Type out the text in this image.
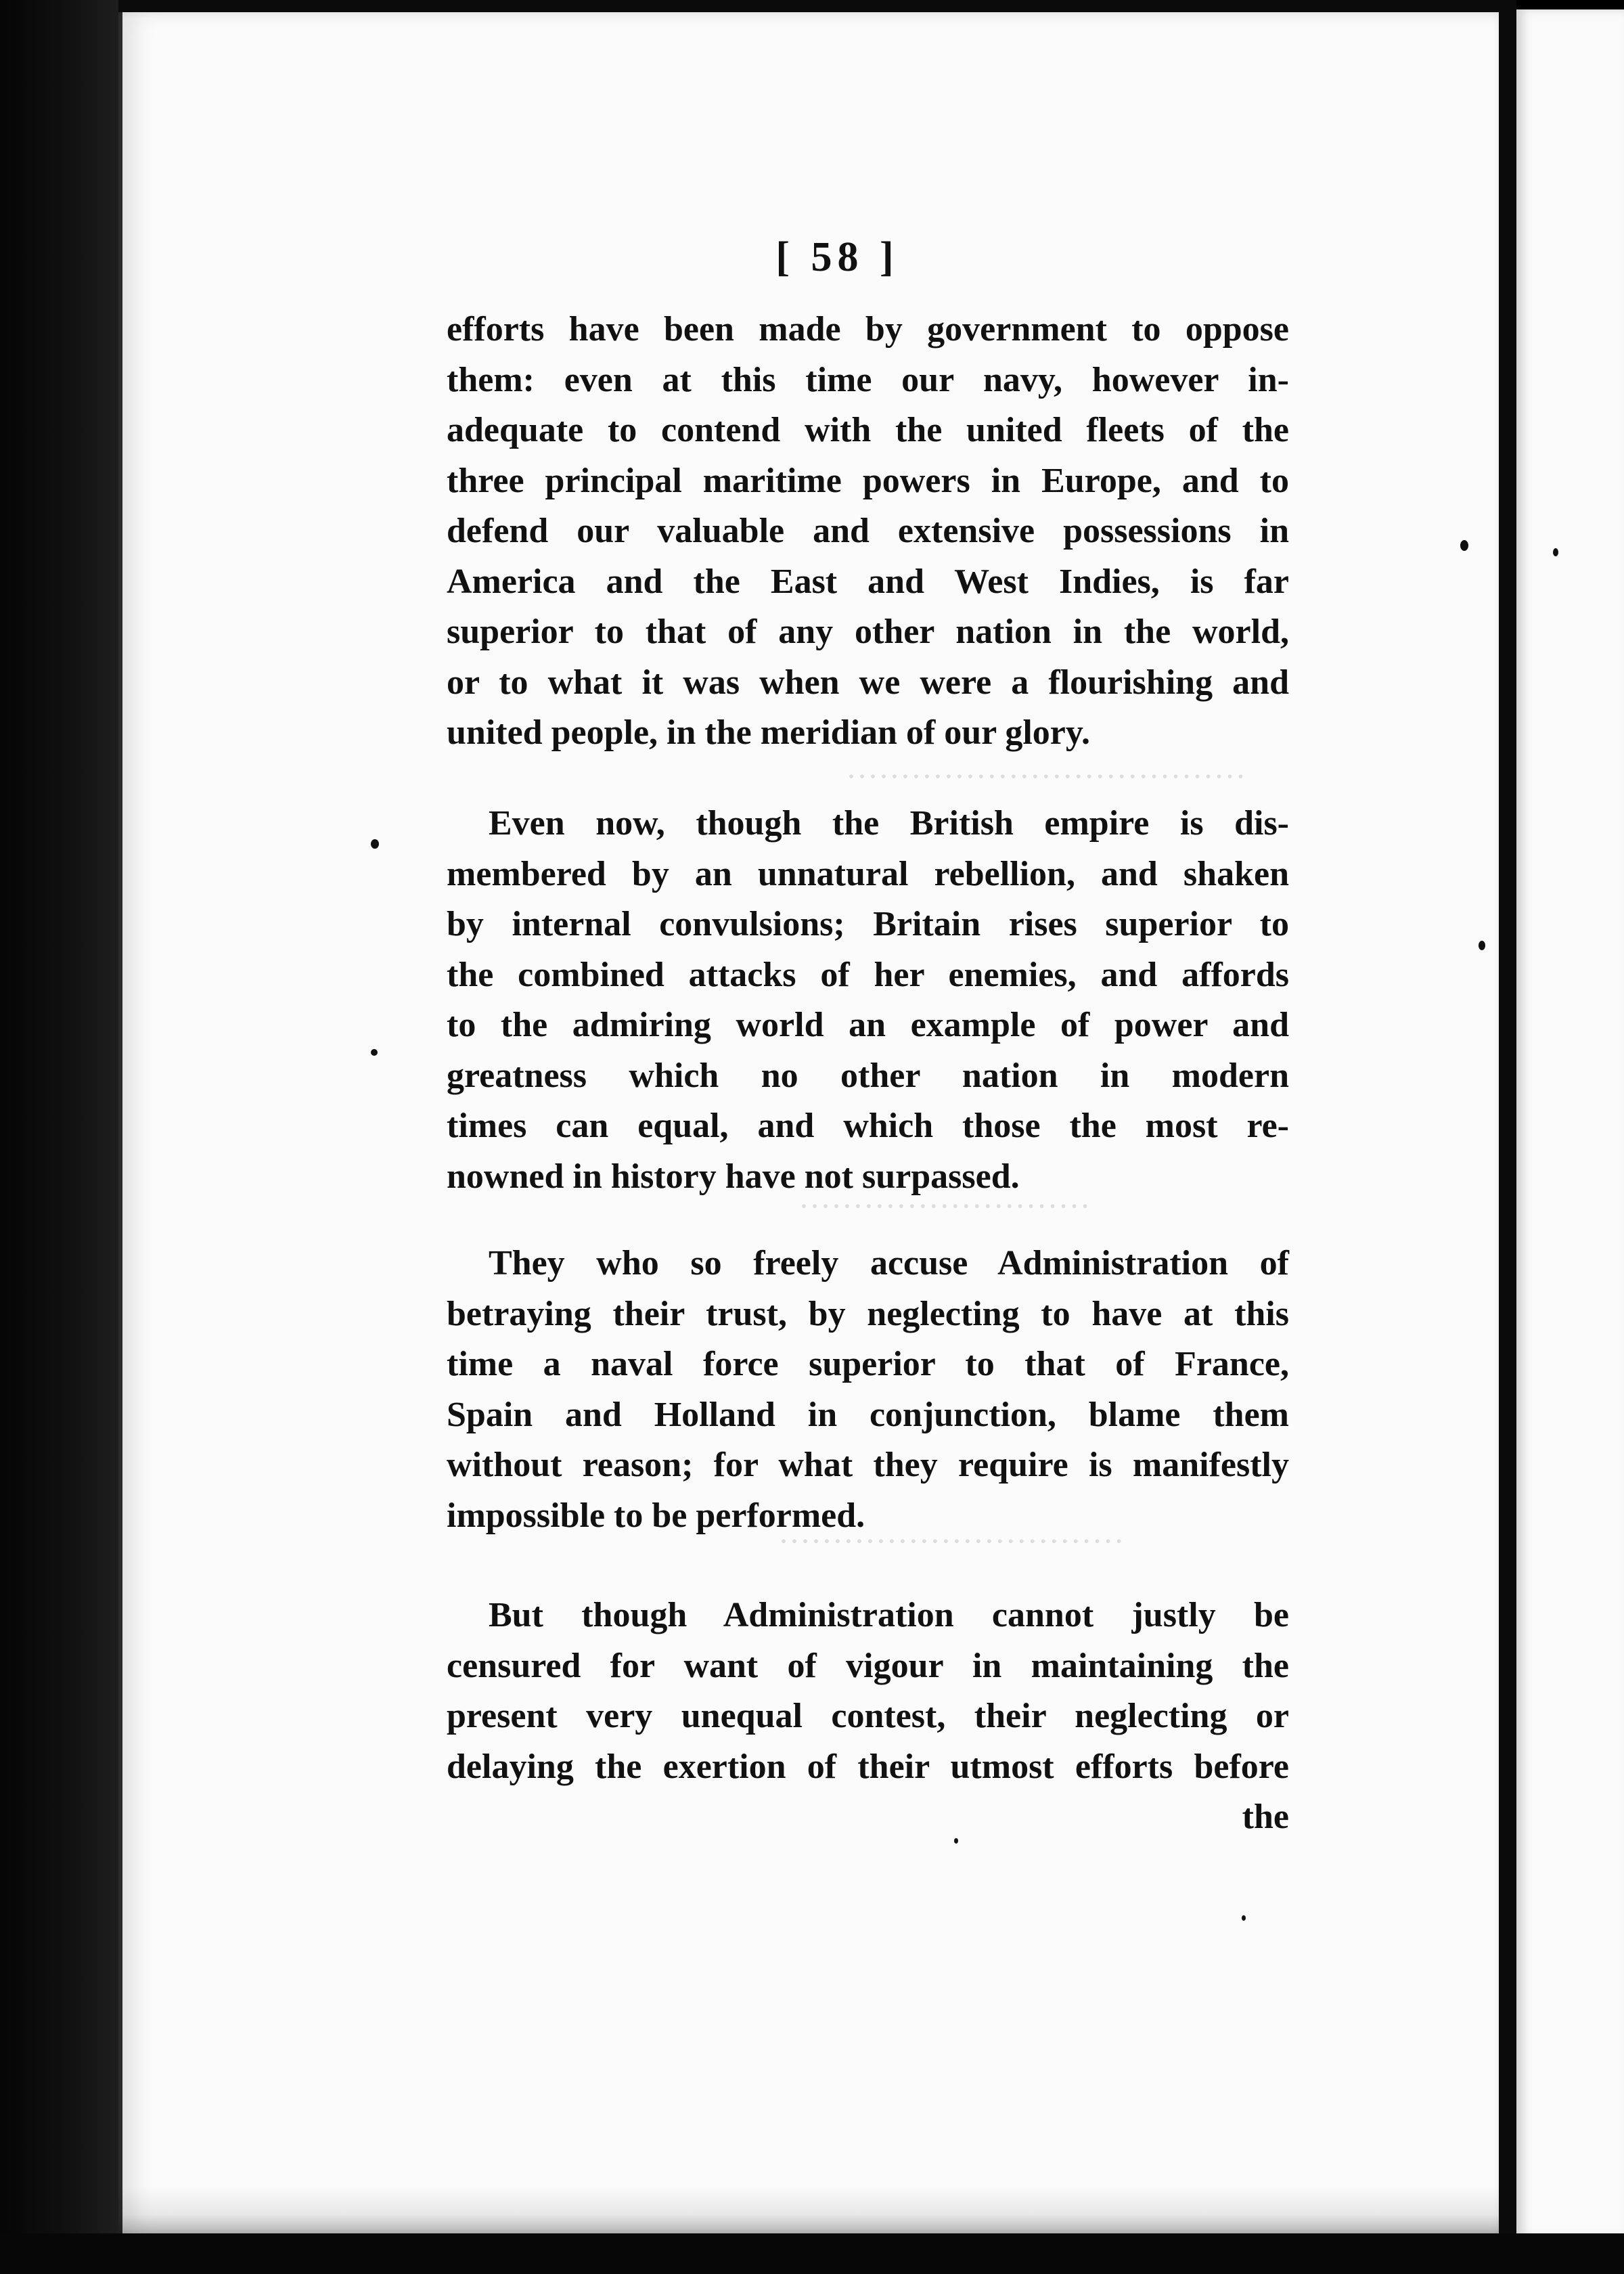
·····································
···························
································
[ 58 ]
efforts have been made by government to oppose
them: even at this time our navy, however in-
adequate to contend with the united fleets of the
three principal maritime powers in Europe, and to
defend our valuable and extensive possessions in
America and the East and West Indies, is far
superior to that of any other nation in the world,
or to what it was when we were a flourishing and
united people, in the meridian of our glory.
Even now, though the British empire is dis-
membered by an unnatural rebellion, and shaken
by internal convulsions; Britain rises superior to
the combined attacks of her enemies, and affords
to the admiring world an example of power and
greatness which no other nation in modern
times can equal, and which those the most re-
nowned in history have not surpassed.
They who so freely accuse Administration of
betraying their trust, by neglecting to have at this
time a naval force superior to that of France,
Spain and Holland in conjunction, blame them
without reason; for what they require is manifestly
impossible to be performed.
But though Administration cannot justly be
censured for want of vigour in maintaining the
present very unequal contest, their neglecting or
delaying the exertion of their utmost efforts before
the
